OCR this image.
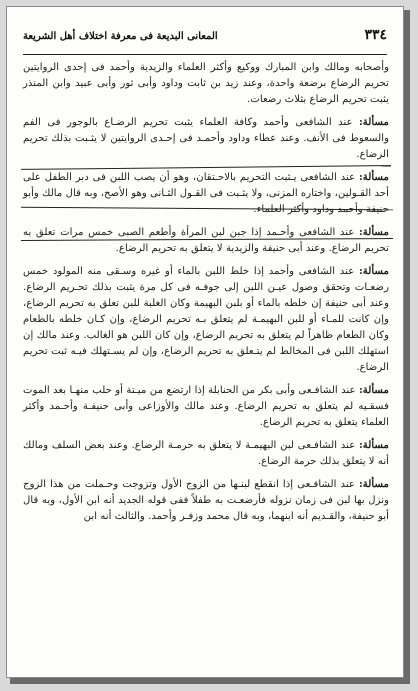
٣٣٤
المعانى البديعة فى معرفة اختلاف أهل الشريعة

وأصحابه ومالك وابن المبارك ووكيع وأكثر العلماء والزيدية وأحمد فى إحدى الروايتين تحريم الرضاع برضعة واحدة، وعند زيد بن ثابت وداود وأبى ثور وأبى عبيد وابن المنذر يثبت تحريم الرضاع بثلاث رضعات.

مسألة: عند الشافعى وأحمد وكافة العلماء يثبت تحريم الرضـاع بالوجور فى الفم والسعوط فى الأنف. وعند عطاء وداود وأحمـد فى إحـدى الروايتين لا يثـبت بذلك تحريم الرضاع.

مسألة: عند الشافعى يـثبت التحريم بالاحـتقان، وهو أن يصب اللبن فى دبر الطفل على أحد القـولين، واختاره المزنى، ولا يثـبت فى القـول الثـانى وهو الأصح، وبه قال مالك وأبو حنيفة وأحمد وداود وأكثر العلماء.

مسألة: عند الشافعى وأحـمد إذا جبن لبن المرأة وأطعم الصبى خمس مرات تعلق به تحريم الرضاع. وعند أبى حنيفة والزيدية لا يتعلق به تحريم الرضاع.

مسألة: عند الشافعى وأحمد إذا خلط اللبن بالماء أو غيره وسـقى منه المولود خمس رضعـات وتحقق وصول عيـن اللبن إلى جوفـه فى كل مرة يثبت بذلك تحـريم الرضاع. وعند أبى حنيفة إن خلطه بالماء أو بلبن البهيمة وكان الغلبة للبن تعلق به تحريم الرضاع، وإن كانت للمـاء أو للبن البهيمـة لم يتعلق بـه تحريم الرضاع، وإن كـان خلطه بالطعام وكان الطعام ظاهراً لم يتعلق به تحريم الرضاع، وإن كان اللبن هو الغالب. وعند مالك إن استهلك اللبن فى المخالط لم يتـعلق به تحريم الرضاع، وإن لم يسـتهلك فيـه ثبت تحريم الرضاع.

مسألة: عند الشافـعى وأبى بكر من الحنابلة إذا ارتضع من ميـتة أو حلب منهـا بعد الموت فسقـيه لم يتعلق به تحريم الرضاع. وعند مالك والأوزاعى وأبى حنيفـة وأحـمد وأكثر العلماء يتعلق به تحريم الرضاع.

مسألة: عند الشافـعى لبن البهيمـة لا يتعلق به حرمـة الرضاع. وعند بعض السلف ومالك أنه لا يتعلق بذلك حرمة الرضاع.

مسألة: عند الشافـعى إذا انقطع لبنـها من الزوج الأول وتزوجت وحـملت من هذا الزوج ونزل بها لبن فى زمان نزوله فأرضعـت به طفلاً ففى قوله الجديد أنه ابن الأول، وبه قال أبو حنيفة، والقـديم أنه ابنهما، وبه قال محمد وزفـر وأحمد. والثالث أنه ابن
